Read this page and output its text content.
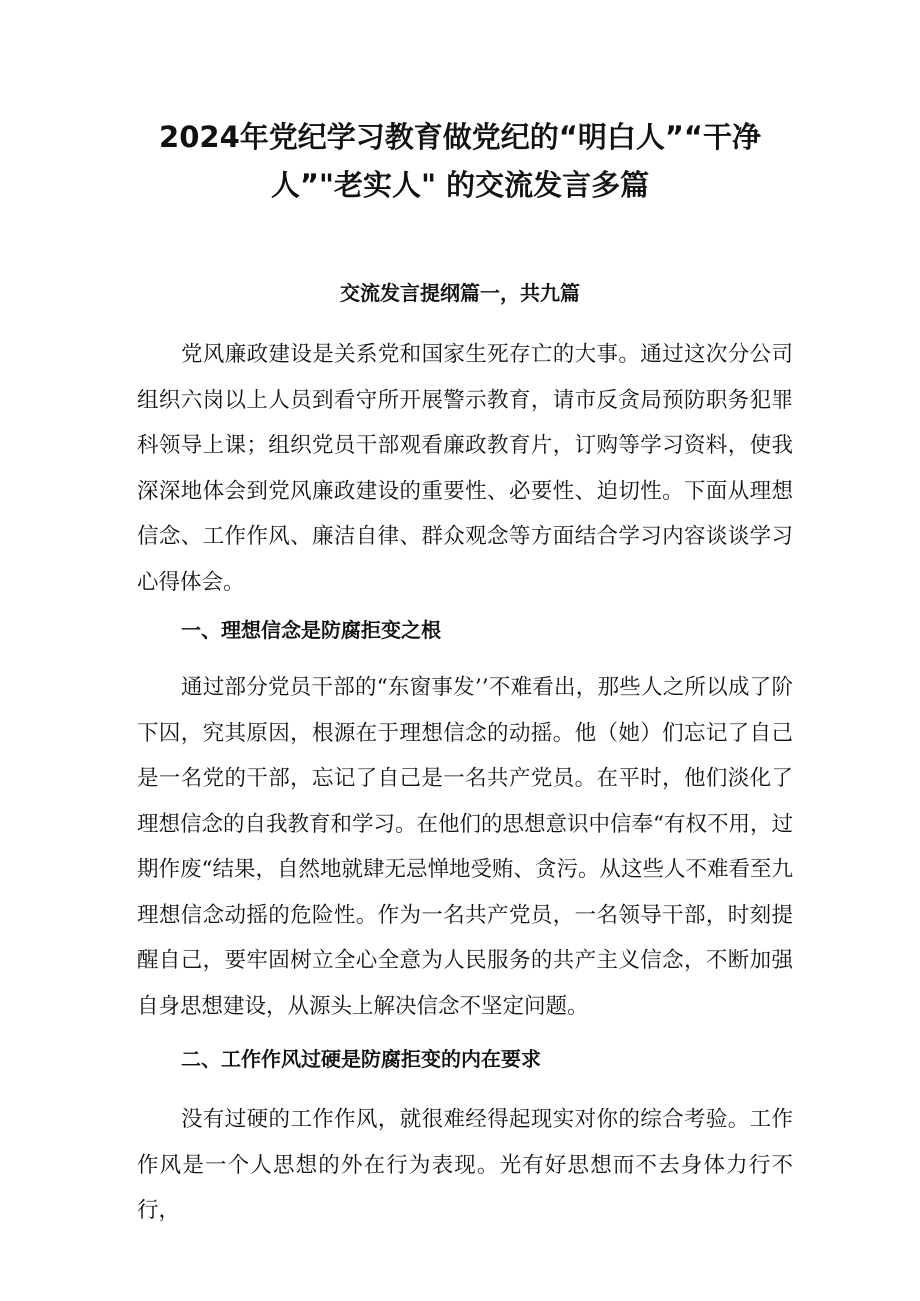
2024年党纪学习教育做党纪的“明白人”“干净
人”"老实人" 的交流发言多篇
交流发言提纲篇一，共九篇

党风廉政建设是关系党和国家生死存亡的大事。通过这次分公司组织六岗以上人员到看守所开展警示教育，请市反贪局预防职务犯罪科领导上课；组织党员干部观看廉政教育片，订购等学习资料，使我深深地体会到党风廉政建设的重要性、必要性、迫切性。下面从理想信念、工作作风、廉洁自律、群众观念等方面结合学习内容谈谈学习心得体会。

一、理想信念是防腐拒变之根

通过部分党员干部的“东窗事发’’不难看出，那些人之所以成了阶下囚，究其原因，根源在于理想信念的动摇。他（她）们忘记了自己是一名党的干部，忘记了自己是一名共产党员。在平时，他们淡化了理想信念的自我教育和学习。在他们的思想意识中信奉“有权不用，过期作废“结果，自然地就肆无忌惮地受贿、贪污。从这些人不难看至九理想信念动摇的危险性。作为一名共产党员，一名领导干部，时刻提醒自己，要牢固树立全心全意为人民服务的共产主义信念，不断加强自身思想建设，从源头上解决信念不坚定问题。

二、工作作风过硬是防腐拒变的内在要求

没有过硬的工作作风，就很难经得起现实对你的综合考验。工作作风是一个人思想的外在行为表现。光有好思想而不去身体力行不行，
